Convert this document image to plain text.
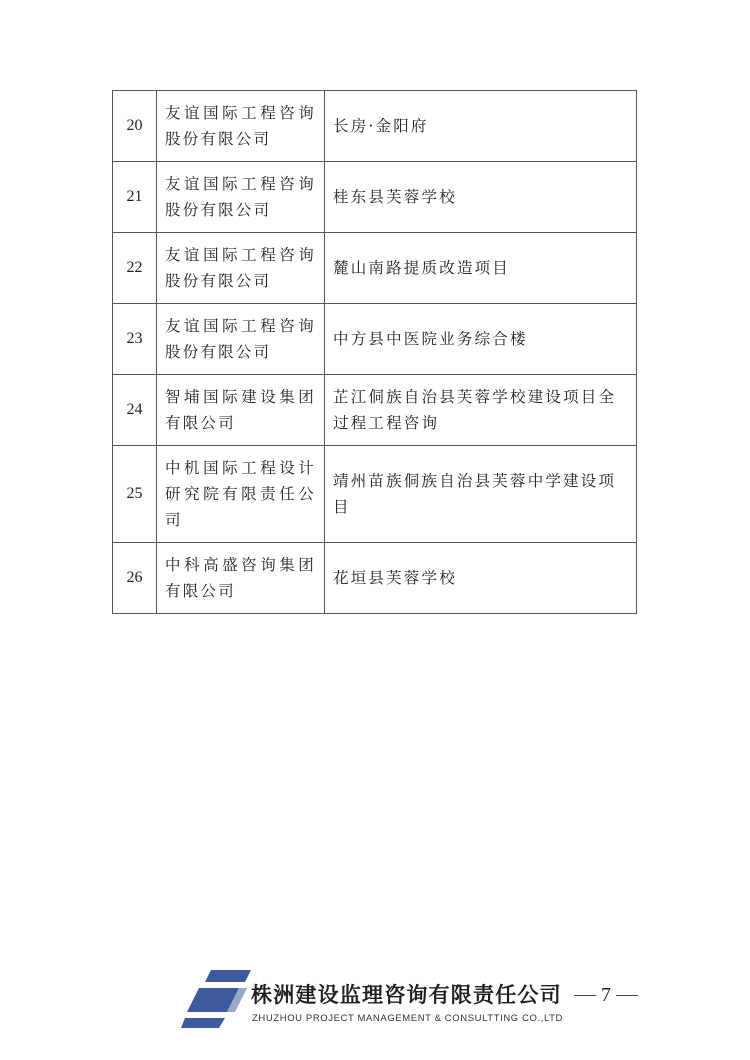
20	友谊国际工程咨询股份有限公司	长房·金阳府
21	友谊国际工程咨询股份有限公司	桂东县芙蓉学校
22	友谊国际工程咨询股份有限公司	麓山南路提质改造项目
23	友谊国际工程咨询股份有限公司	中方县中医院业务综合楼
24	智埔国际建设集团有限公司	芷江侗族自治县芙蓉学校建设项目全过程工程咨询
25	中机国际工程设计研究院有限责任公司	靖州苗族侗族自治县芙蓉中学建设项目
26	中科高盛咨询集团有限公司	花垣县芙蓉学校
株洲建设监理咨询有限责任公司
ZHUZHOU PROJECT MANAGEMENT & CONSULTTING CO.,LTD
7
